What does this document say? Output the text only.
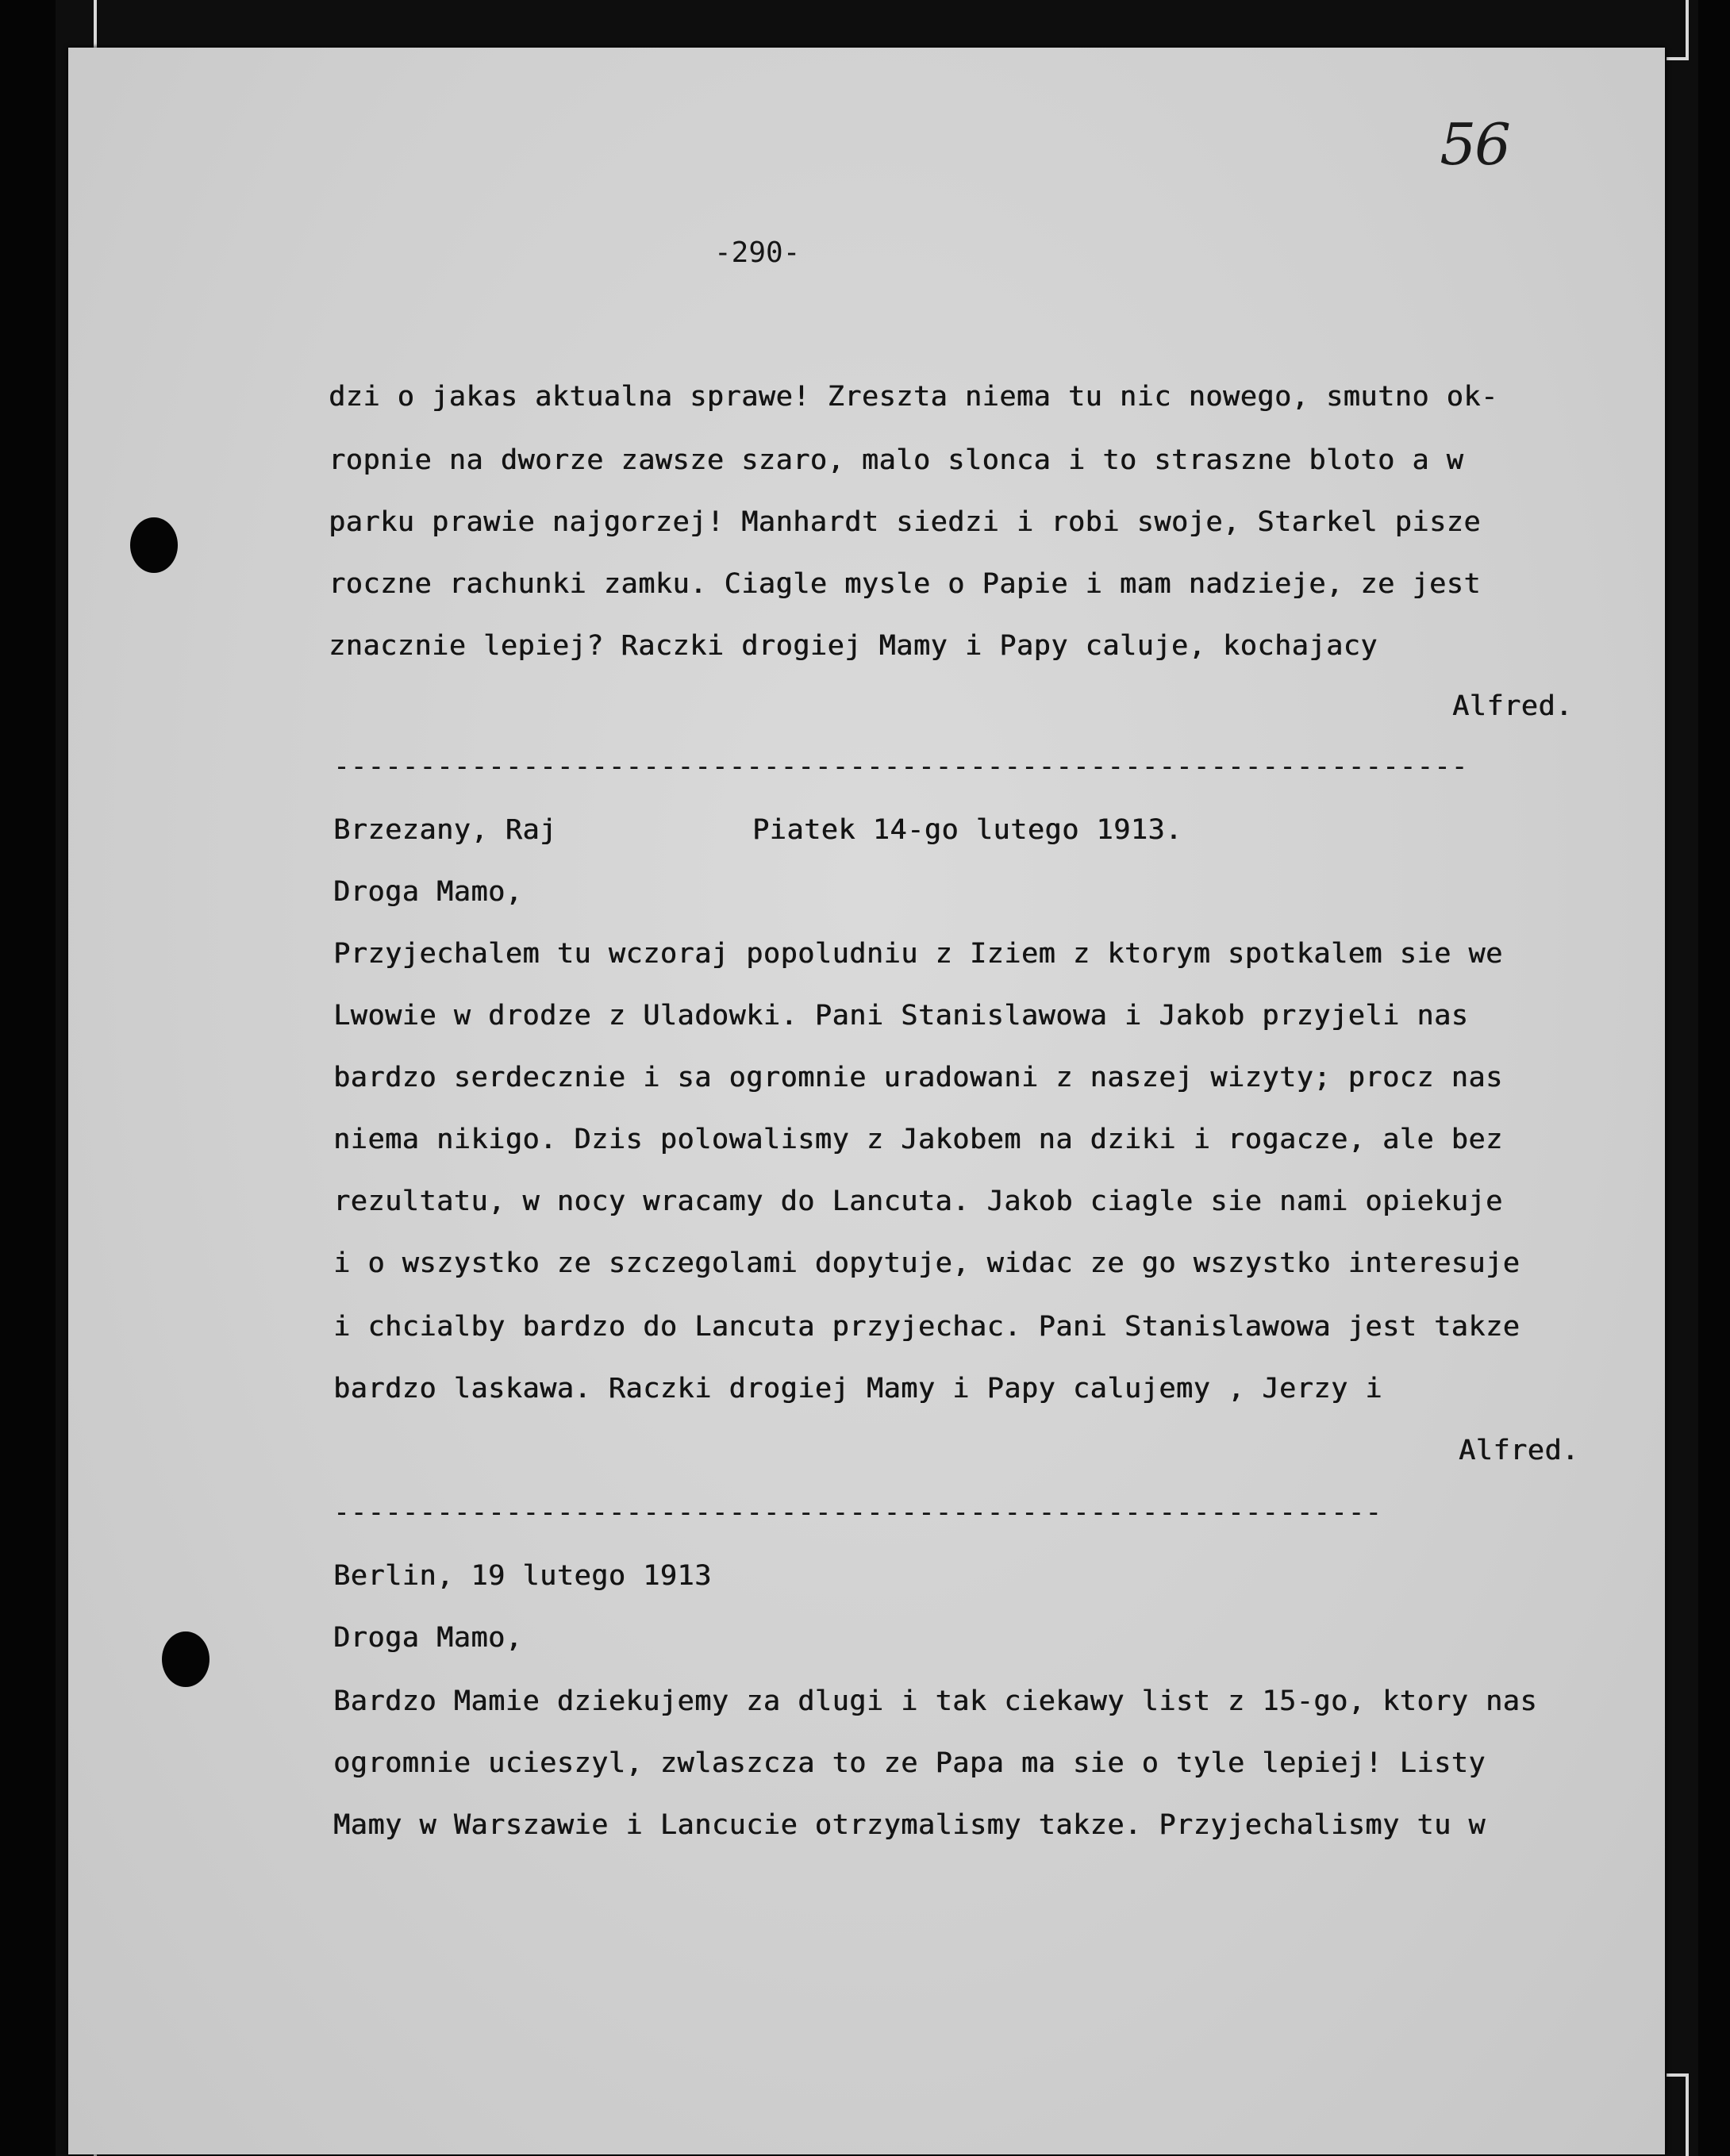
56
-290-
dzi o jakas aktualna sprawe! Zreszta niema tu nic nowego, smutno ok-
ropnie na dworze zawsze szaro, malo slonca i to straszne bloto a w
parku prawie najgorzej! Manhardt siedzi i robi swoje, Starkel pisze
roczne rachunki zamku. Ciagle mysle o Papie i mam nadzieje, ze jest
znacznie lepiej? Raczki drogiej Mamy i Papy caluje, kochajacy
Alfred.
------------------------------------------------------------------
Brzezany, Raj	Piatek 14-go lutego 1913.
Droga Mamo,
Przyjechalem tu wczoraj popoludniu z Iziem z ktorym spotkalem sie we
Lwowie w drodze z Uladowki. Pani Stanislawowa i Jakob przyjeli nas
bardzo serdecznie i sa ogromnie uradowani z naszej wizyty; procz nas
niema nikigo. Dzis polowalismy z Jakobem na dziki i rogacze, ale bez
rezultatu, w nocy wracamy do Lancuta. Jakob ciagle sie nami opiekuje
i o wszystko ze szczegolami dopytuje, widac ze go wszystko interesuje
i chcialby bardzo do Lancuta przyjechac. Pani Stanislawowa jest takze
bardzo laskawa. Raczki drogiej Mamy i Papy calujemy , Jerzy i
Alfred.
-------------------------------------------------------------
Berlin, 19 lutego 1913
Droga Mamo,
Bardzo Mamie dziekujemy za dlugi i tak ciekawy list z 15-go, ktory nas
ogromnie ucieszyl, zwlaszcza to ze Papa ma sie o tyle lepiej! Listy
Mamy w Warszawie i Lancucie otrzymalismy takze. Przyjechalismy tu w
